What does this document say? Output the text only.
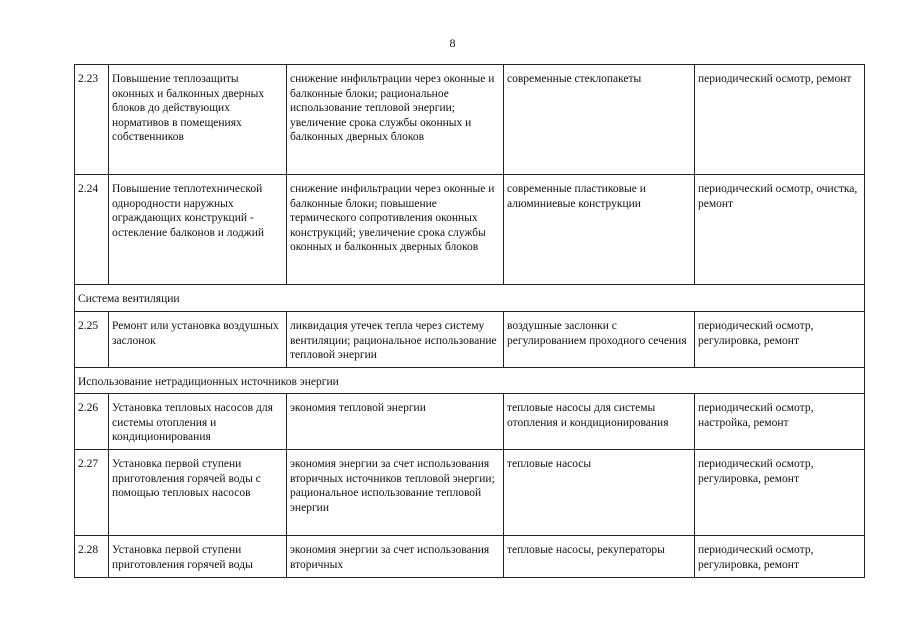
8
2.23	Повышение теплозащиты оконных и балконных дверных блоков до действующих нормативов в помещениях собственников	снижение инфильтрации через оконные и балконные блоки; рациональное использование тепловой энергии; увеличение срока службы оконных и балконных дверных блоков	современные стеклопакеты	периодический осмотр, ремонт
2.24	Повышение теплотехнической однородности наружных ограждающих конструкций - остекление балконов и лоджий	снижение инфильтрации через оконные и балконные блоки; повышение термического сопротивления оконных конструкций; увеличение срока службы оконных и балконных дверных блоков	современные пластиковые и алюминиевые конструкции	периодический осмотр, очистка, ремонт
Система вентиляции				
2.25	Ремонт или установка воздушных заслонок	ликвидация утечек тепла через систему вентиляции; рациональное использование тепловой энергии	воздушные заслонки с регулированием проходного сечения	периодический осмотр, регулировка, ремонт
Использование нетрадиционных источников энергии				
2.26	Установка тепловых насосов для системы отопления и кондиционирования	экономия тепловой энергии	тепловые насосы для системы отопления и кондиционирования	периодический осмотр, настройка, ремонт
2.27	Установка первой ступени приготовления горячей воды с помощью тепловых насосов	экономия энергии за счет использования вторичных источников тепловой энергии; рациональное использование тепловой энергии	тепловые насосы	периодический осмотр, регулировка, ремонт
2.28	Установка первой ступени приготовления горячей воды	экономия энергии за счет использования вторичных	тепловые насосы, рекуператоры	периодический осмотр, регулировка, ремонт
